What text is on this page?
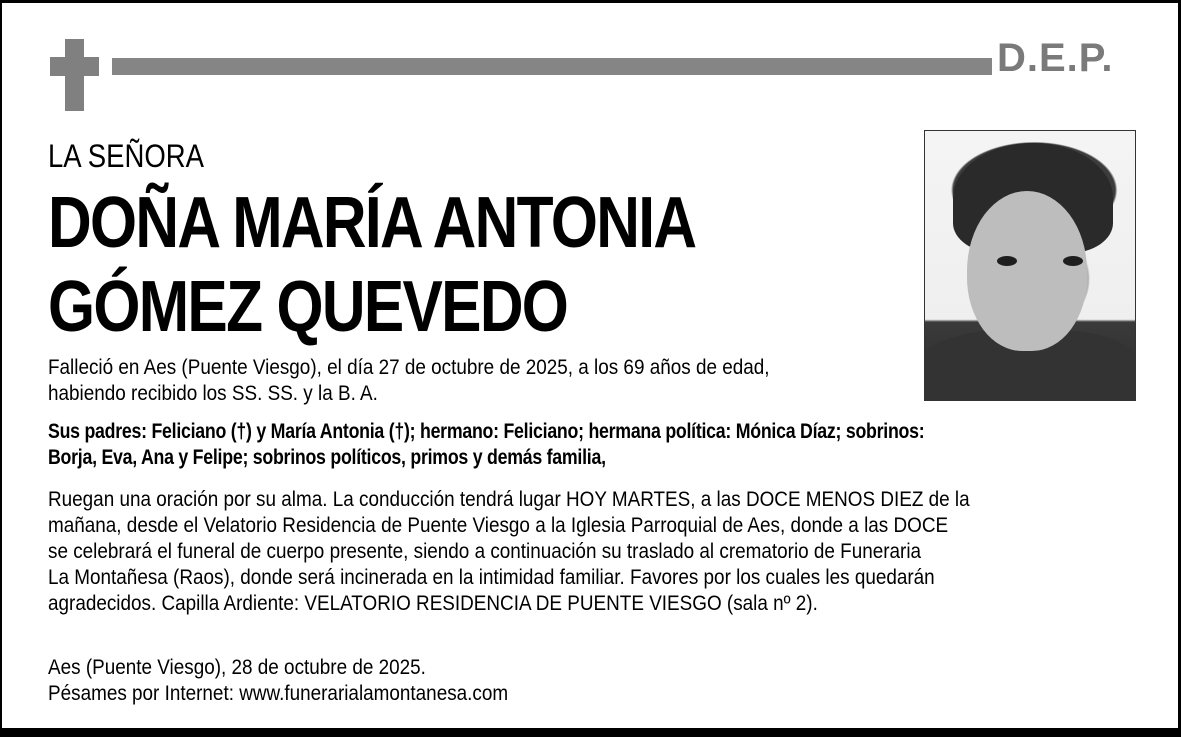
D.E.P.
LA SEÑORA
DOÑA MARÍA ANTONIA
GÓMEZ QUEVEDO
Falleció en Aes (Puente Viesgo), el día 27 de octubre de 2025, a los 69 años de edad,
habiendo recibido los SS. SS. y la B. A.
Sus padres: Feliciano (†) y María Antonia (†); hermano: Feliciano; hermana política: Mónica Díaz; sobrinos:
Borja, Eva, Ana y Felipe; sobrinos políticos, primos y demás familia,
Ruegan una oración por su alma. La conducción tendrá lugar HOY MARTES, a las DOCE MENOS DIEZ de la
mañana, desde el Velatorio Residencia de Puente Viesgo a la Iglesia Parroquial de Aes, donde a las DOCE
se celebrará el funeral de cuerpo presente, siendo a continuación su traslado al crematorio de Funeraria
La Montañesa (Raos), donde será incinerada en la intimidad familiar. Favores por los cuales les quedarán
agradecidos. Capilla Ardiente: VELATORIO RESIDENCIA DE PUENTE VIESGO (sala nº 2).
Aes (Puente Viesgo), 28 de octubre de 2025.
Pésames por Internet: www.funerarialamontanesa.com
